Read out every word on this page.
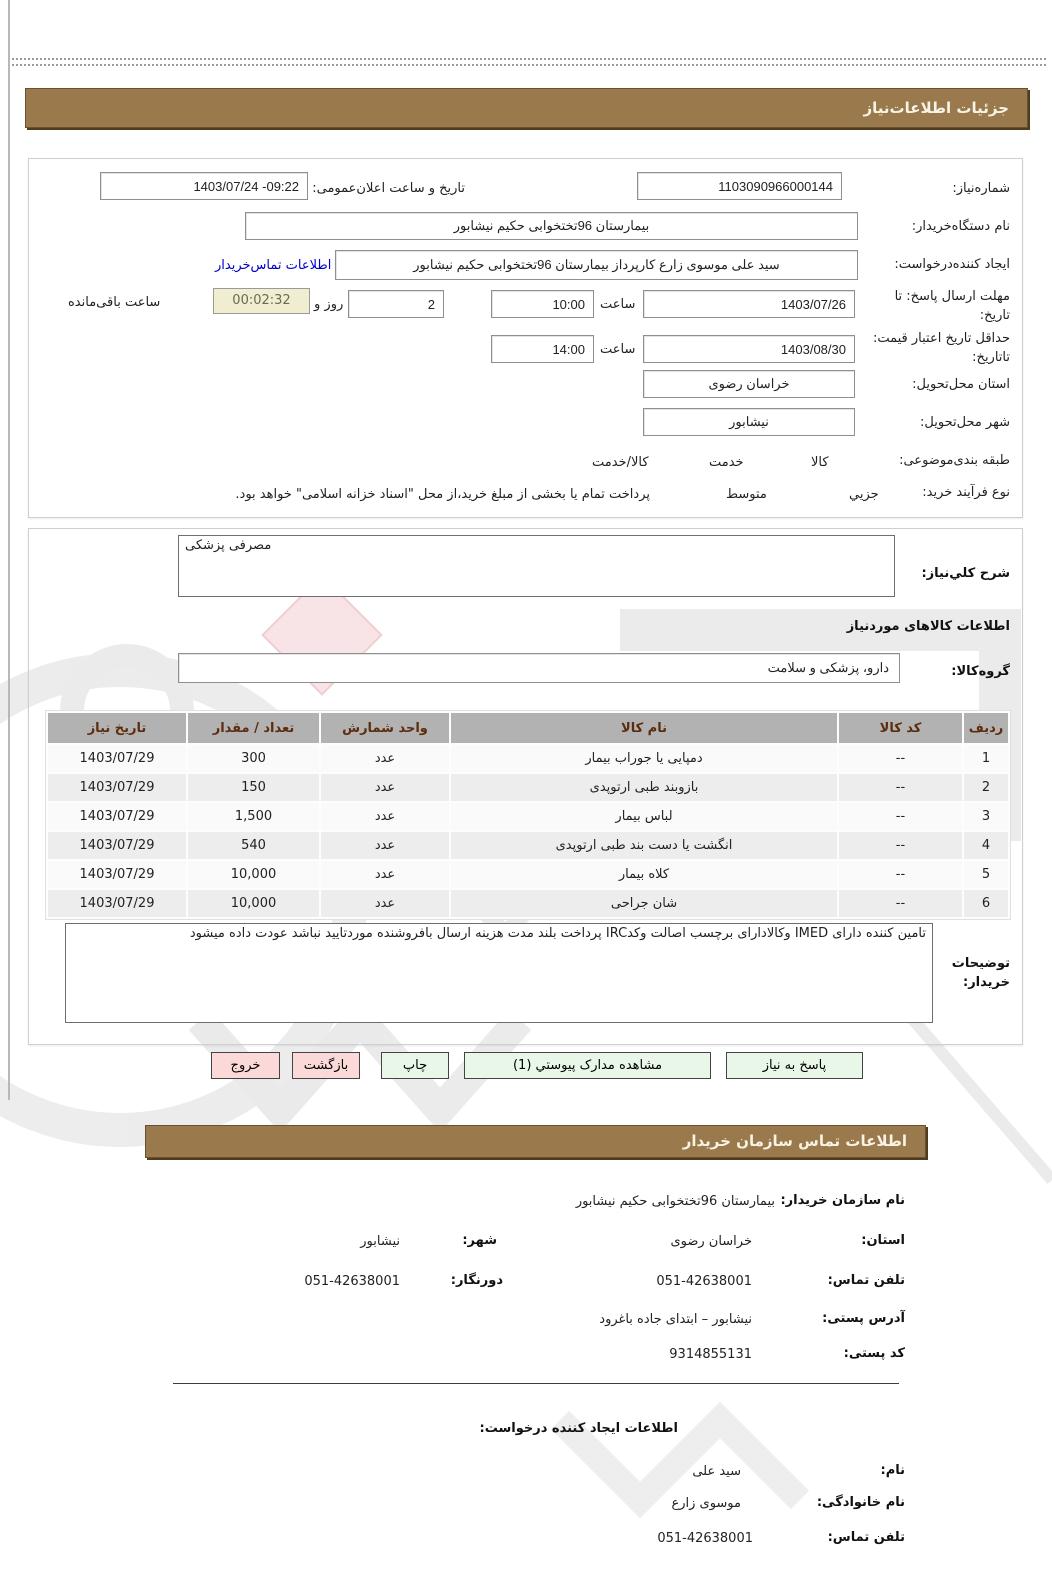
جزئیات اطلاعات‌نیاز
شماره‌نیاز:
1103090966000144
تاریخ و ساعت اعلان‌عمومی:
1403/07/24 -09:22
نام دستگاه‌خریدار:
بیمارستان 96تختخوابی حکیم نیشابور
ایجاد کننده‌درخواست:
سید علی موسوی زارع کارپرداز بیمارستان 96تختخوابی حکیم نیشابور
اطلاعات تماس‌خریدار
مهلت ارسال پاسخ: تا تاریخ:
1403/07/26
ساعت
10:00
2
روز و
00:02:32
ساعت باقی‌مانده
حداقل تاریخ اعتبار قیمت: تاتاریخ:
1403/08/30
ساعت
14:00
استان محل‌تحویل:
خراسان رضوی
شهر محل‌تحویل:
نیشابور
طبقه بندی‌موضوعی:

کالا

خدمت

کالا/خدمت
نوع فرآیند خرید:

جزیي

متوسط

پرداخت تمام یا بخشی از مبلغ خرید،از محل "اسناد خزانه اسلامی" خواهد بود.
شرح کلي‌نیاز:
مصرفی پزشکی
اطلاعات کالاهای موردنیاز
گروه‌کالا:
دارو، پزشکی و سلامت
ردیف	کد کالا	نام کالا	واحد شمارش	تعداد / مقدار	تاریخ نیاز
1	--	دمپایی یا جوراب بیمار	عدد	300	1403/07/29
2	--	بازوبند طبی ارتوپدی	عدد	150	1403/07/29
3	--	لباس بیمار	عدد	1,500	1403/07/29
4	--	انگشت یا دست بند طبی ارتوپدی	عدد	540	1403/07/29
5	--	کلاه بیمار	عدد	10,000	1403/07/29
6	--	شان جراحی	عدد	10,000	1403/07/29
توضیحات خریدار:
تامین کننده دارای IMED وکالادارای برچسب اصالت وکدIRC پرداخت بلند مدت هزینه ارسال بافروشنده موردتایید نباشد عودت داده میشود
پاسخ به نیاز
مشاهده مدارک پیوستي (1)
چاپ
بازگشت
خروج
اطلاعات تماس سازمان خریدار
نام سازمان خریدار:
بیمارستان 96تختخوابی حکیم نیشابور
استان:
خراسان رضوی
شهر:
نیشابور
تلفن تماس:
051-42638001
دورنگار:
051-42638001
آدرس پستی:
نیشابور – ابتدای جاده باغرود
کد پستی:
9314855131
اطلاعات ایجاد کننده درخواست:
نام:
سید علی
نام خانوادگی:
موسوی زارع
تلفن تماس:
051-42638001
